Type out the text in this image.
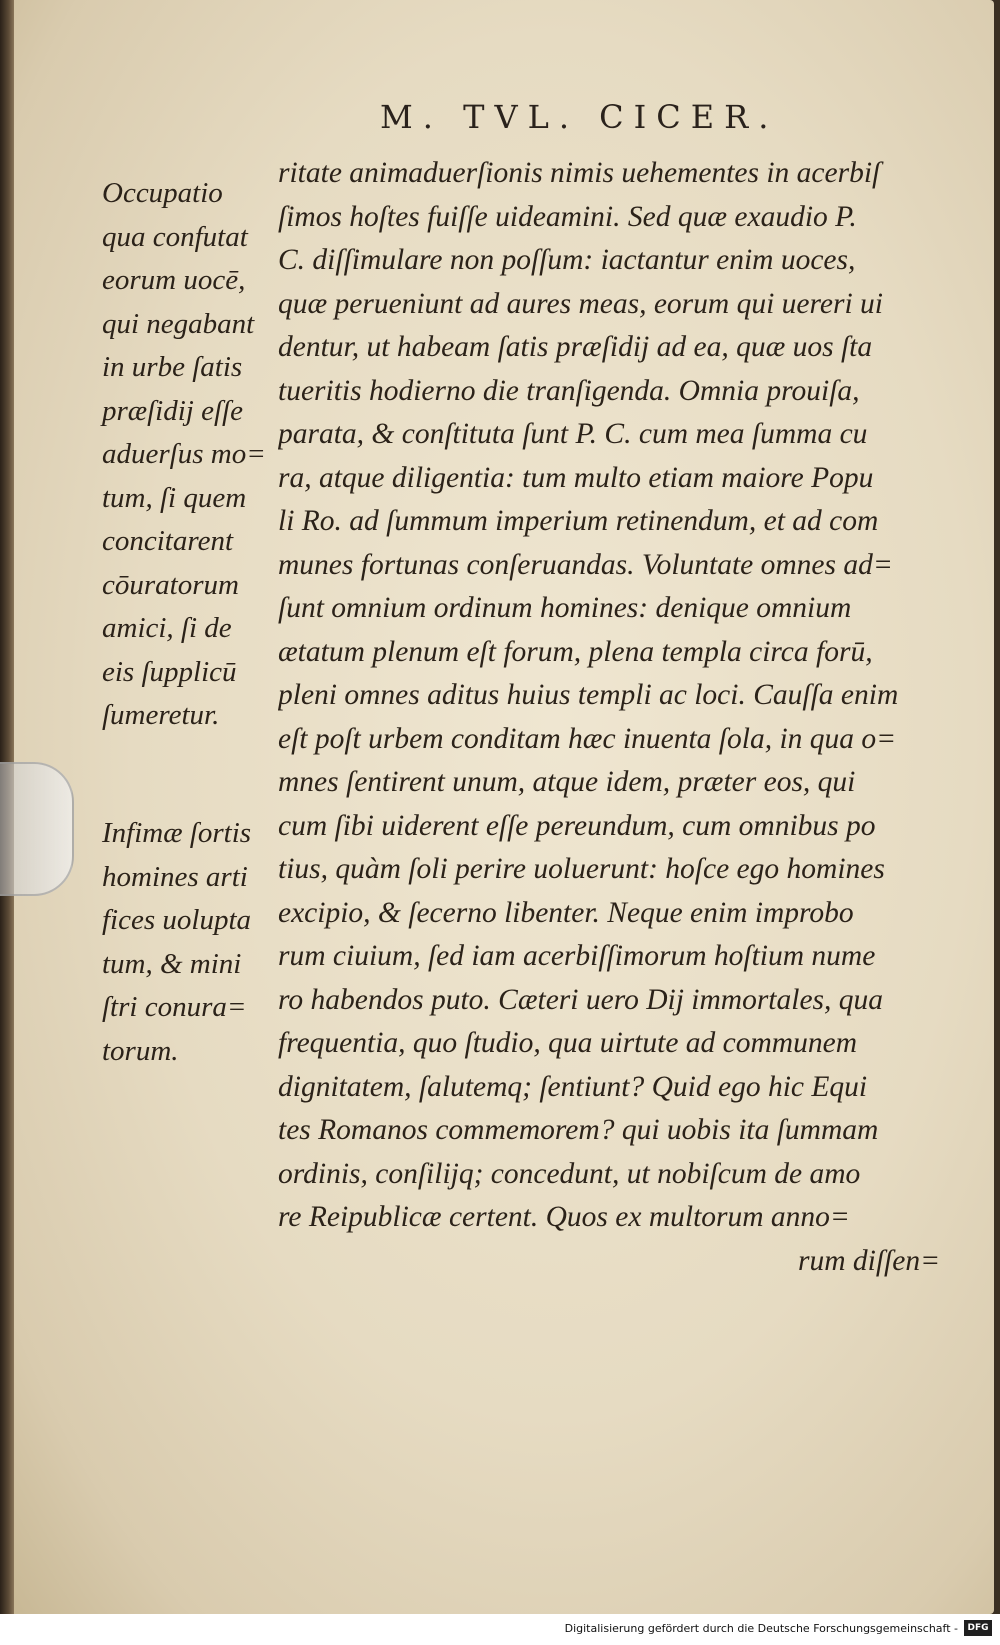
M. TVL. CICER.
Occupatio
qua confutat
eorum uocē,
qui negabant
in urbe ſatis
præſidij eſſe
aduerſus mo=
tum, ſi quem
concitarent
cōuratorum
amici, ſi de
eis ſupplicū
ſumeretur.
Infimæ ſortis
homines arti
fices uolupta
tum, & mini
ſtri conura=
torum.
ritate animaduerſionis nimis uehementes in acerbiſ
ſimos hoſtes fuiſſe uideamini. Sed quæ exaudio P.
C. diſſimulare non poſſum: iactantur enim uoces,
quæ perueniunt ad aures meas, eorum qui uereri ui
dentur, ut habeam ſatis præſidij ad ea, quæ uos ſta
tueritis hodierno die tranſigenda. Omnia prouiſa,
parata, & conſtituta ſunt P. C. cum mea ſumma cu
ra, atque diligentia: tum multo etiam maiore Popu
li Ro. ad ſummum imperium retinendum, et ad com
munes fortunas conſeruandas. Voluntate omnes ad=
ſunt omnium ordinum homines: denique omnium
ætatum plenum eſt forum, plena templa circa forū,
pleni omnes aditus huius templi ac loci. Cauſſa enim
eſt poſt urbem conditam hæc inuenta ſola, in qua o=
mnes ſentirent unum, atque idem, præter eos, qui
cum ſibi uiderent eſſe pereundum, cum omnibus po
tius, quàm ſoli perire uoluerunt: hoſce ego homines
excipio, & ſecerno libenter. Neque enim improbo
rum ciuium, ſed iam acerbiſſimorum hoſtium nume
ro habendos puto. Cæteri uero Dij immortales, qua
frequentia, quo ſtudio, qua uirtute ad communem
dignitatem, ſalutemq; ſentiunt? Quid ego hic Equi
tes Romanos commemorem? qui uobis ita ſummam
ordinis, conſilijq; concedunt, ut nobiſcum de amo
re Reipublicæ certent. Quos ex multorum anno=
rum diſſen=
Digitalisierung gefördert durch die Deutsche Forschungsgemeinschaft -	DFG
